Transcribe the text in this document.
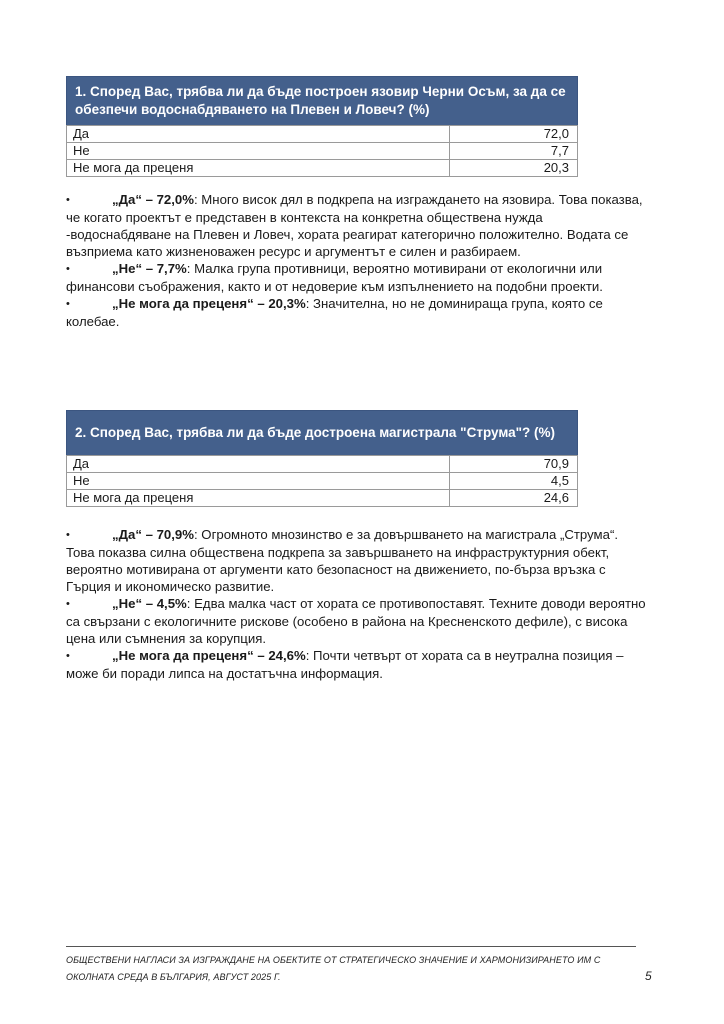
1. Според Вас, трябва ли да бъде построен язовир Черни Осъм, за да се обезпечи водоснабдяването на Плевен и Ловеч? (%)	
Да	72,0
Не	7,7
Не мога да преценя	20,3
•	„Да“ – 72,0%: Много висок дял в подкрепа на изграждането на язовира. Това показва, че когато проектът е представен в контекста на конкретна обществена нужда -водоснабдяване на Плевен и Ловеч, хората реагират категорично положително. Водата се възприема като жизненоважен ресурс и аргументът е силен и разбираем.
•	„Не“ – 7,7%: Малка група противници, вероятно мотивирани от екологични или финансови съображения, както и от недоверие към изпълнението на подобни проекти.
•	„Не мога да преценя“ – 20,3%: Значителна, но не доминираща група, която се колебае.
2. Според Вас, трябва ли да бъде достроена магистрала "Струма"? (%)	
Да	70,9
Не	4,5
Не мога да преценя	24,6
•	„Да“ – 70,9%: Огромното мнозинство е за довършването на магистрала „Струма“. Това показва силна обществена подкрепа за завършването на инфраструктурния обект, вероятно мотивирана от аргументи като безопасност на движението, по-бърза връзка с Гърция и икономическо развитие.
•	„Не“ – 4,5%: Едва малка част от хората се противопоставят. Техните доводи вероятно са свързани с екологичните рискове (особено в района на Кресненското дефиле), с висока цена или съмнения за корупция.
•	„Не мога да преценя“ – 24,6%: Почти четвърт от хората са в неутрална позиция – може би поради липса на достатъчна информация.
ОБЩЕСТВЕНИ НАГЛАСИ ЗА ИЗГРАЖДАНЕ НА ОБЕКТИТЕ ОТ СТРАТЕГИЧЕСКО ЗНАЧЕНИЕ И ХАРМОНИЗИРАНЕТО ИМ С
ОКОЛНАТА СРЕДА В БЪЛГАРИЯ, АВГУСТ 2025 Г.	5
